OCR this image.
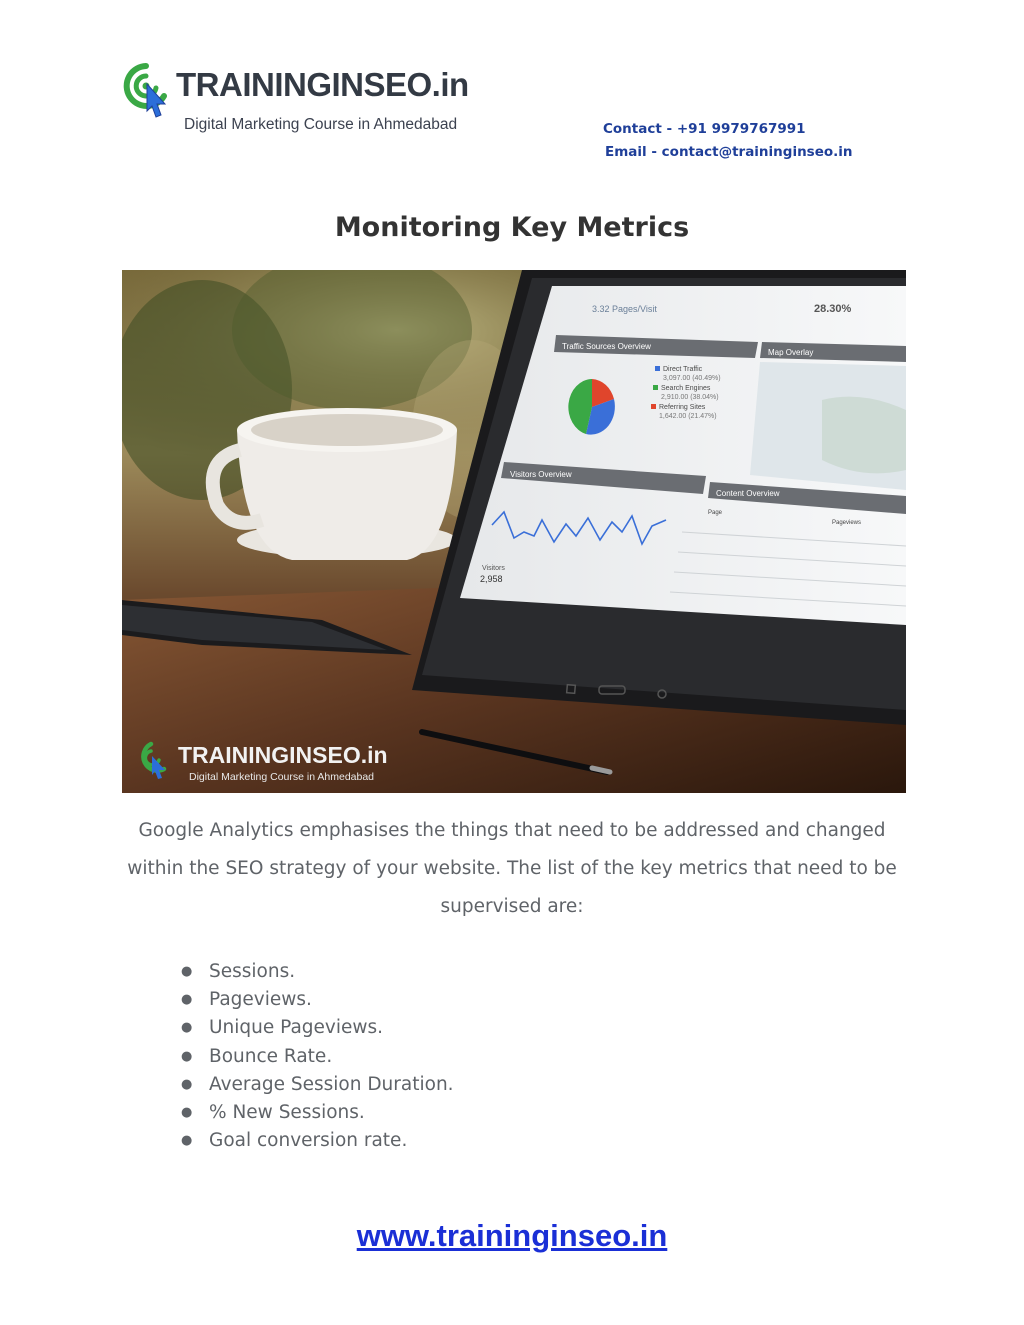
TRAININGINSEO.in
Digital Marketing Course in Ahmedabad	Contact - +91 9979767991
Email - contact@traininginseo.in
Monitoring Key Metrics
3.32 Pages/Visit	28.30%
Traffic Sources Overview
Direct Traffic
3,097.00 (40.49%)
Search Engines
2,910.00 (38.04%)
Referring Sites
1,642.00 (21.47%)
Map Overlay
Visitors Overview
Visitors
2,958
Content Overview
Page
Pageviews
TRAININGINSEO.in
Digital Marketing Course in Ahmedabad
Google Analytics emphasises the things that need to be addressed and changed within the SEO strategy of your website. The list of the key metrics that need to be supervised are:
● Sessions.
● Pageviews.
● Unique Pageviews.
● Bounce Rate.
● Average Session Duration.
● % New Sessions.
● Goal conversion rate.
www.traininginseo.in
